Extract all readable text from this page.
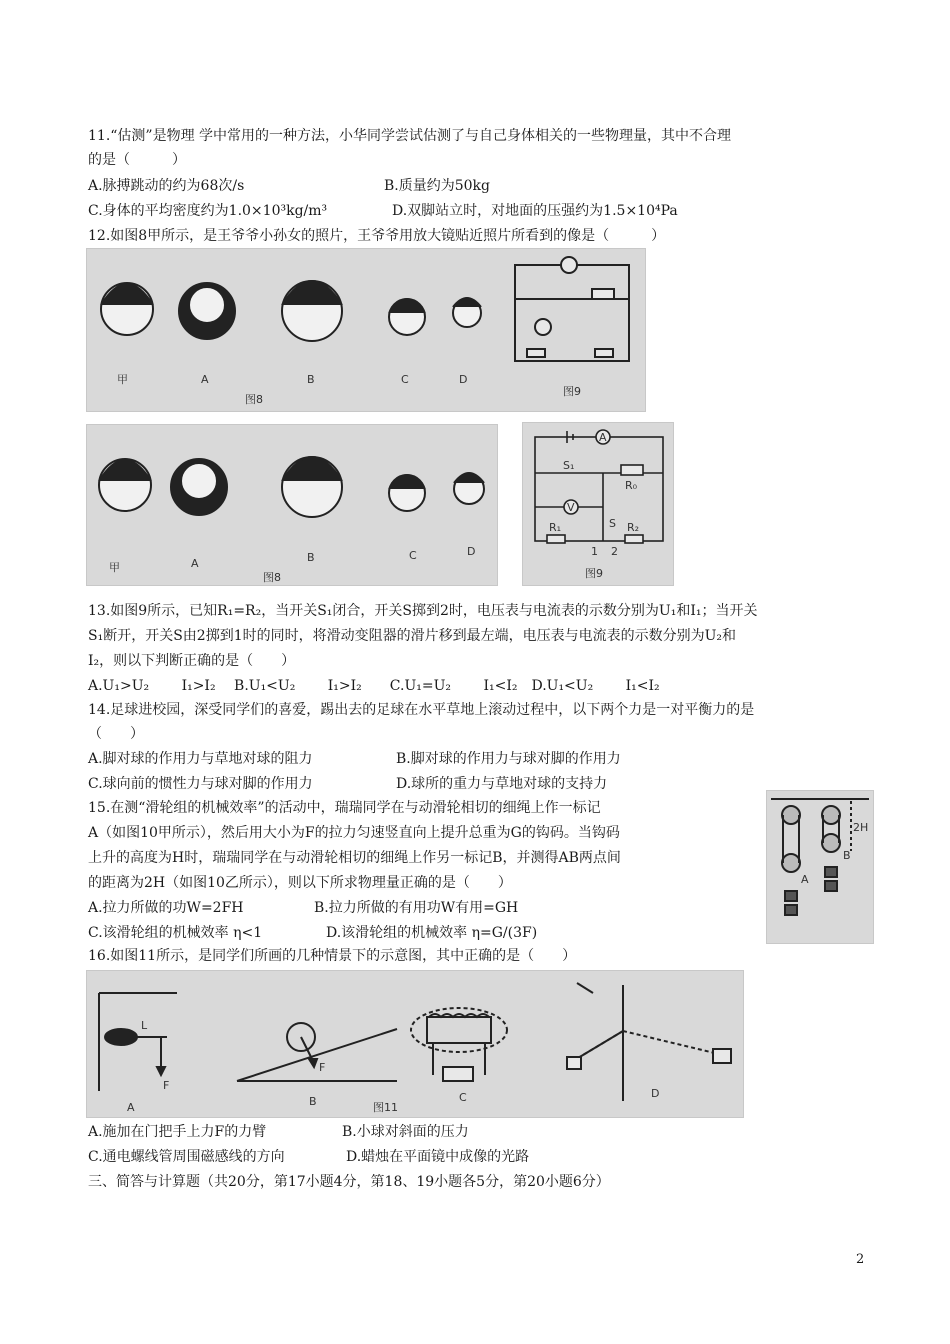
11.“估测”是物理 学中常用的一种方法，小华同学尝试估测了与自己身体相关的一些物理量，其中不合理
的是（　　　）
A.脉搏跳动的约为68次/s	B.质量约为50kg
C.身体的平均密度约为1.0×10³kg/m³	D.双脚站立时，对地面的压强约为1.5×10⁴Pa
12.如图8甲所示，是王爷爷小孙女的照片，王爷爷用放大镜贴近照片所看到的像是（　　　）
甲	A	B	C	D
图8
图9
甲	A	B	C	D
图8
A
V
S₁
R₀
S
R₁	R₂
1 2
图9
13.如图9所示，已知R₁=R₂，当开关S₁闭合，开关S掷到2时，电压表与电流表的示数分别为U₁和I₁；当开关
S₁断开，开关S由2掷到1时的同时，将滑动变阻器的滑片移到最左端，电压表与电流表的示数分别为U₂和
I₂，则以下判断正确的是（　　）
A.U₁>U₂　　 I₁>I₂　 B.U₁<U₂　　 I₁>I₂　　C.U₁=U₂　　 I₁<I₂　D.U₁<U₂　　 I₁<I₂
14.足球进校园，深受同学们的喜爱，踢出去的足球在水平草地上滚动过程中，以下两个力是一对平衡力的是
（　　）
A.脚对球的作用力与草地对球的阻力	B.脚对球的作用力与球对脚的作用力
C.球向前的惯性力与球对脚的作用力	D.球所的重力与草地对球的支持力
15.在测“滑轮组的机械效率”的活动中，瑞瑞同学在与动滑轮相切的细绳上作一标记
A（如图10甲所示），然后用大小为F的拉力匀速竖直向上提升总重为G的钩码。当钩码
上升的高度为H时，瑞瑞同学在与动滑轮相切的细绳上作另一标记B，并测得AB两点间
的距离为2H（如图10乙所示），则以下所求物理量正确的是（　　）
A.拉力所做的功W=2FH	B.拉力所做的有用功W有用=GH
C.该滑轮组的机械效率 η<1	D.该滑轮组的机械效率 η=G/(3F)
2H
A
B
16.如图11所示，是同学们所画的几种情景下的示意图，其中正确的是（　　）
L
F
F
A	B	C	D
图11
A.施加在门把手上力F的力臂	B.小球对斜面的压力
C.通电螺线管周围磁感线的方向	D.蜡烛在平面镜中成像的光路
三、简答与计算题（共20分，第17小题4分，第18、19小题各5分，第20小题6分）
2
